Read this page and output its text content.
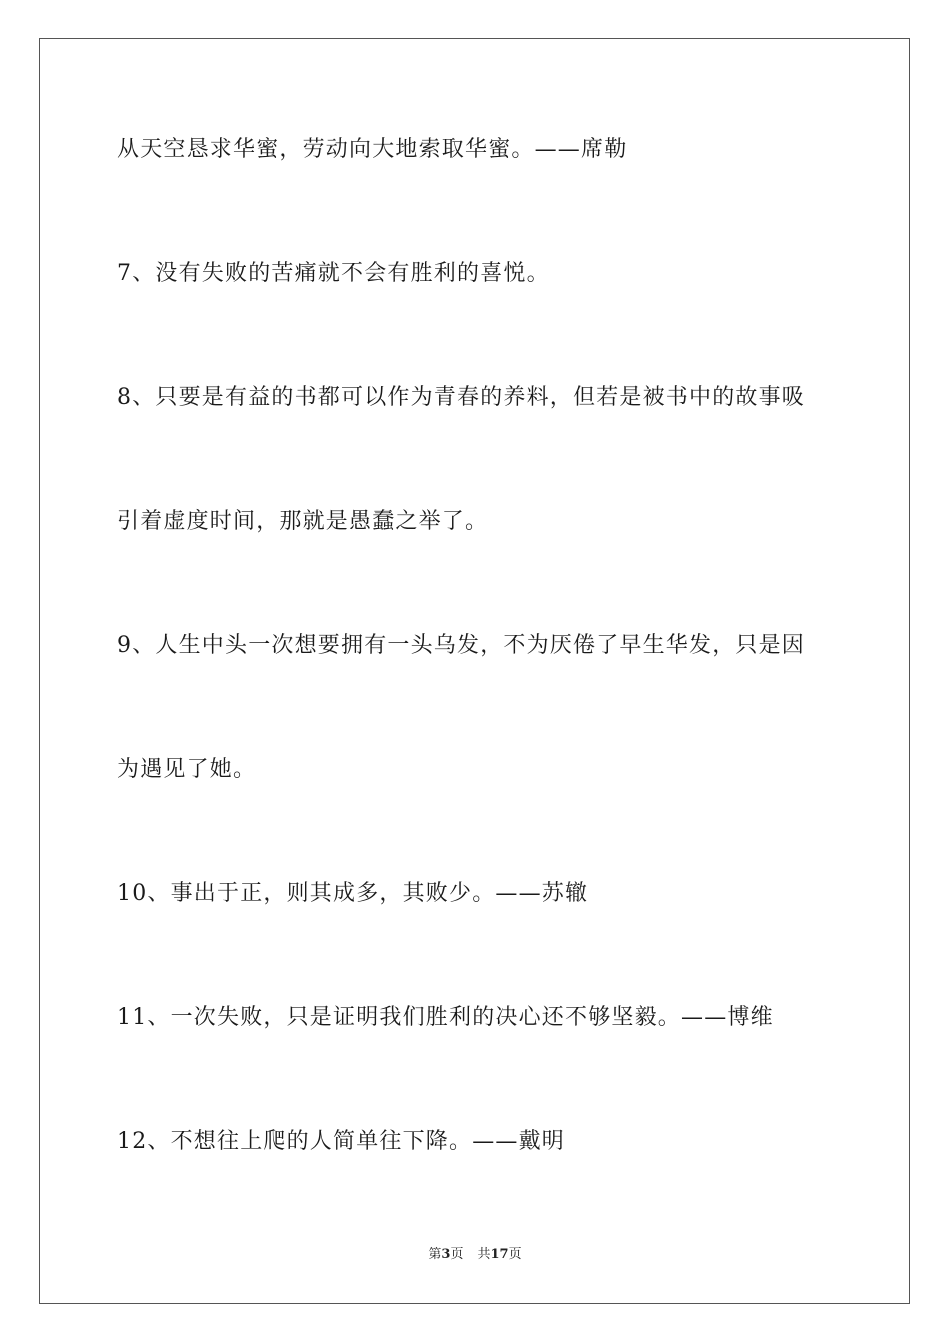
从天空恳求华蜜，劳动向大地索取华蜜。——席勒
7、没有失败的苦痛就不会有胜利的喜悦。
8、只要是有益的书都可以作为青春的养料，但若是被书中的故事吸
引着虚度时间，那就是愚蠢之举了。
9、人生中头一次想要拥有一头乌发，不为厌倦了早生华发，只是因
为遇见了她。
10、事出于正，则其成多，其败少。——苏辙
11、一次失败，只是证明我们胜利的决心还不够坚毅。——博维
12、不想往上爬的人简单往下降。——戴明
第3页 共17页
